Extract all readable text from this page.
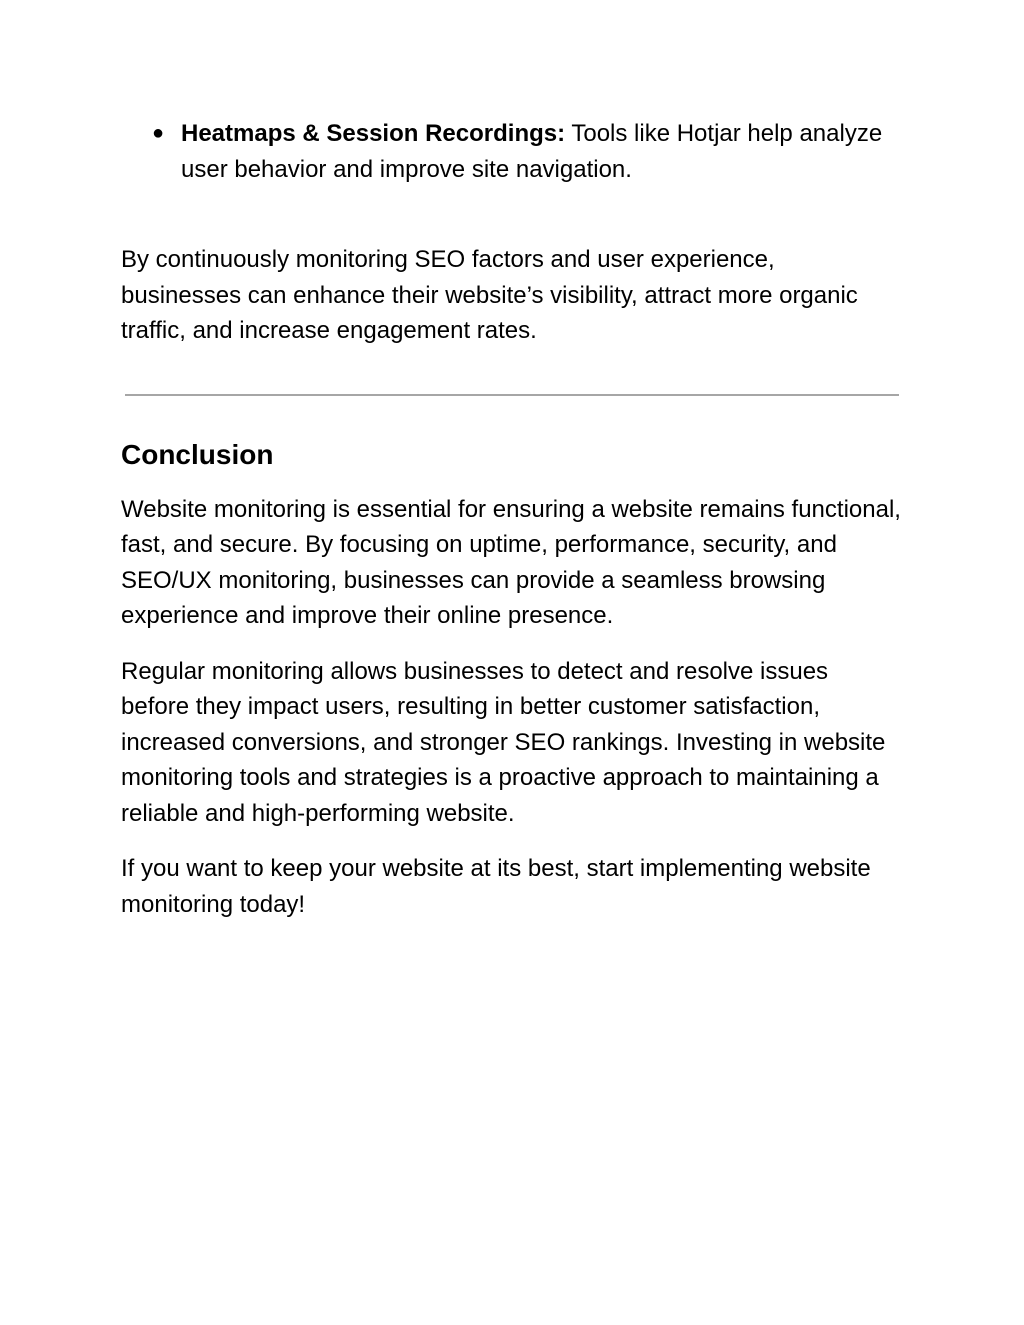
● Heatmaps & Session Recordings: Tools like Hotjar help analyze user behavior and improve site navigation.

By continuously monitoring SEO factors and user experience, businesses can enhance their website’s visibility, attract more organic traffic, and increase engagement rates.

Conclusion

Website monitoring is essential for ensuring a website remains functional, fast, and secure. By focusing on uptime, performance, security, and SEO/UX monitoring, businesses can provide a seamless browsing experience and improve their online presence.

Regular monitoring allows businesses to detect and resolve issues before they impact users, resulting in better customer satisfaction, increased conversions, and stronger SEO rankings. Investing in website monitoring tools and strategies is a proactive approach to maintaining a reliable and high-performing website.

If you want to keep your website at its best, start implementing website monitoring today!
